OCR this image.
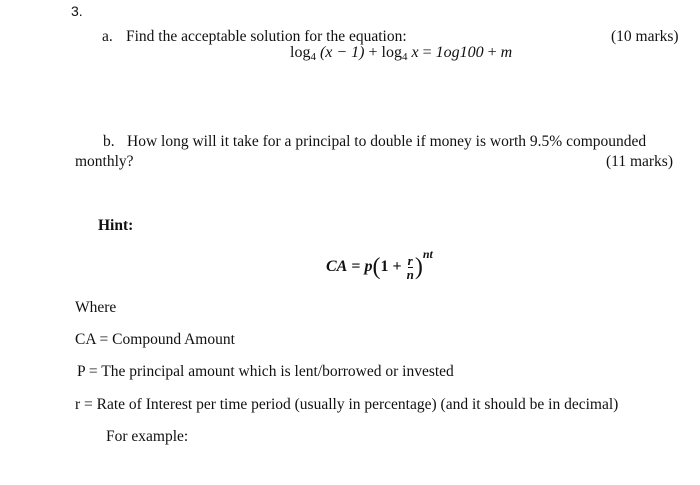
3.
a. Find the acceptable solution for the equation:	(10 marks)
$\log_4 (x - 1) + \log_4 x = 1og100 + m$
b. How long will it take for a principal to double if money is worth 9.5% compounded
monthly?	(11 marks)
Hint:
CA = $p(1 + \frac{r}{n} )^{nt}$
Where
CA = Compound Amount
P = The principal amount which is lent/borrowed or invested
r = Rate of Interest per time period (usually in percentage) (and it should be in decimal)
For example:
